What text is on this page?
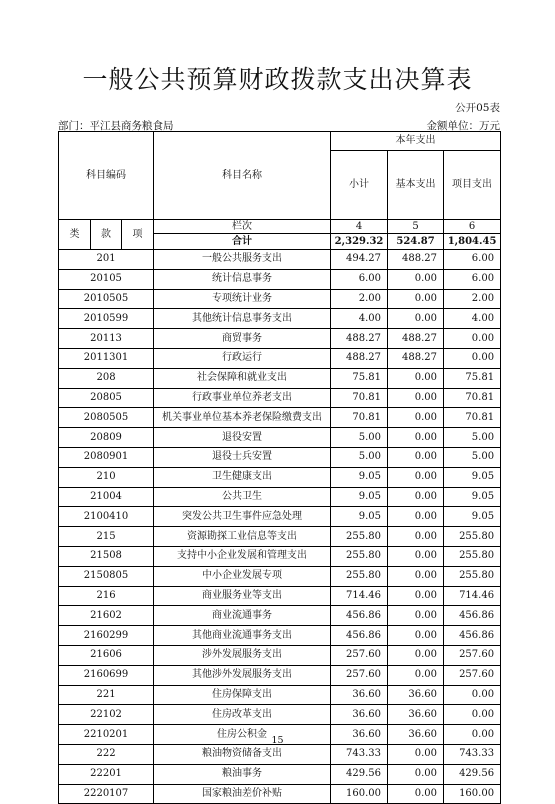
一般公共预算财政拨款支出决算表
公开05表
部门：平江县商务粮食局	金额单位：万元
科目编码			科目名称	本年支出		
				小计	基本支出	项目支出

类	款	项	栏次	4	5	6
			合计	2,329.32	524.87	1,804.45
201			一般公共服务支出	494.27	488.27	6.00
20105			统计信息事务	6.00	0.00	6.00
2010505			专项统计业务	2.00	0.00	2.00
2010599			其他统计信息事务支出	4.00	0.00	4.00
20113			商贸事务	488.27	488.27	0.00
2011301			行政运行	488.27	488.27	0.00
208			社会保障和就业支出	75.81	0.00	75.81
20805			行政事业单位养老支出	70.81	0.00	70.81
2080505			机关事业单位基本养老保险缴费支出	70.81	0.00	70.81
20809			退役安置	5.00	0.00	5.00
2080901			退役士兵安置	5.00	0.00	5.00
210			卫生健康支出	9.05	0.00	9.05
21004			公共卫生	9.05	0.00	9.05
2100410			突发公共卫生事件应急处理	9.05	0.00	9.05
215			资源勘探工业信息等支出	255.80	0.00	255.80
21508			支持中小企业发展和管理支出	255.80	0.00	255.80
2150805			中小企业发展专项	255.80	0.00	255.80
216			商业服务业等支出	714.46	0.00	714.46
21602			商业流通事务	456.86	0.00	456.86
2160299			其他商业流通事务支出	456.86	0.00	456.86
21606			涉外发展服务支出	257.60	0.00	257.60
2160699			其他涉外发展服务支出	257.60	0.00	257.60
221			住房保障支出	36.60	36.60	0.00
22102			住房改革支出	36.60	36.60	0.00
2210201			住房公积金	36.60	36.60	0.00
222			粮油物资储备支出	743.33	0.00	743.33
22201			粮油事务	429.56	0.00	429.56
2220107			国家粮油差价补贴	160.00	0.00	160.00
15
